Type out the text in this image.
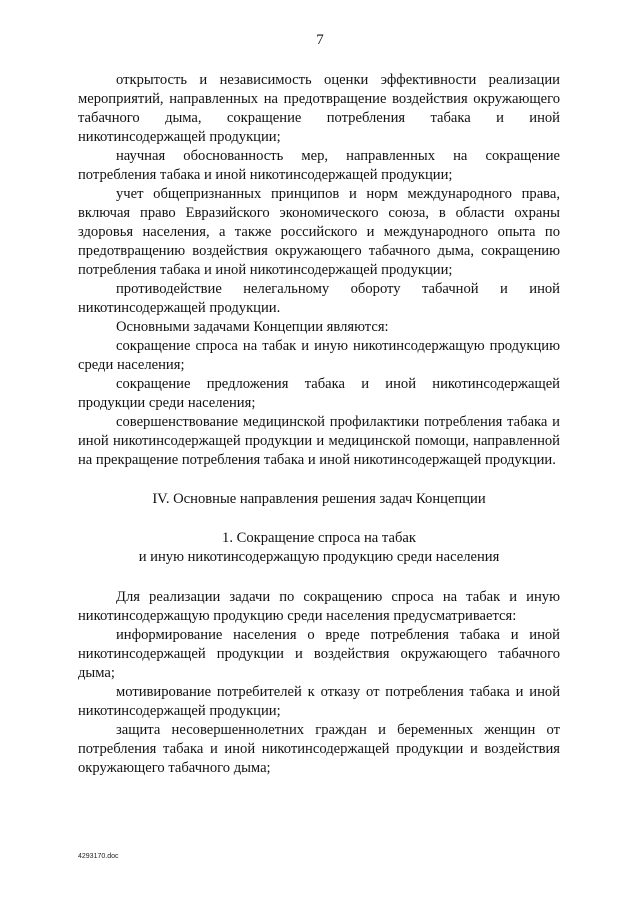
7

открытость и независимость оценки эффективности реализации мероприятий, направленных на предотвращение воздействия окружающего табачного дыма, сокращение потребления табака и иной никотинсодержащей продукции;

научная обоснованность мер, направленных на сокращение потребления табака и иной никотинсодержащей продукции;

учет общепризнанных принципов и норм международного права, включая право Евразийского экономического союза, в области охраны здоровья населения, а также российского и международного опыта по предотвращению воздействия окружающего табачного дыма, сокращению потребления табака и иной никотинсодержащей продукции;

противодействие нелегальному обороту табачной и иной никотинсодержащей продукции.

Основными задачами Концепции являются:

сокращение спроса на табак и иную никотинсодержащую продукцию среди населения;

сокращение предложения табака и иной никотинсодержащей продукции среди населения;

совершенствование медицинской профилактики потребления табака и иной никотинсодержащей продукции и медицинской помощи, направленной на прекращение потребления табака и иной никотинсодержащей продукции.

IV. Основные направления решения задач Концепции

1. Сокращение спроса на табак
и иную никотинсодержащую продукцию среди населения

Для реализации задачи по сокращению спроса на табак и иную никотинсодержащую продукцию среди населения предусматривается:

информирование населения о вреде потребления табака и иной никотинсодержащей продукции и воздействия окружающего табачного дыма;

мотивирование потребителей к отказу от потребления табака и иной никотинсодержащей продукции;

защита несовершеннолетних граждан и беременных женщин от потребления табака и иной никотинсодержащей продукции и воздействия окружающего табачного дыма;

4293170.doc
